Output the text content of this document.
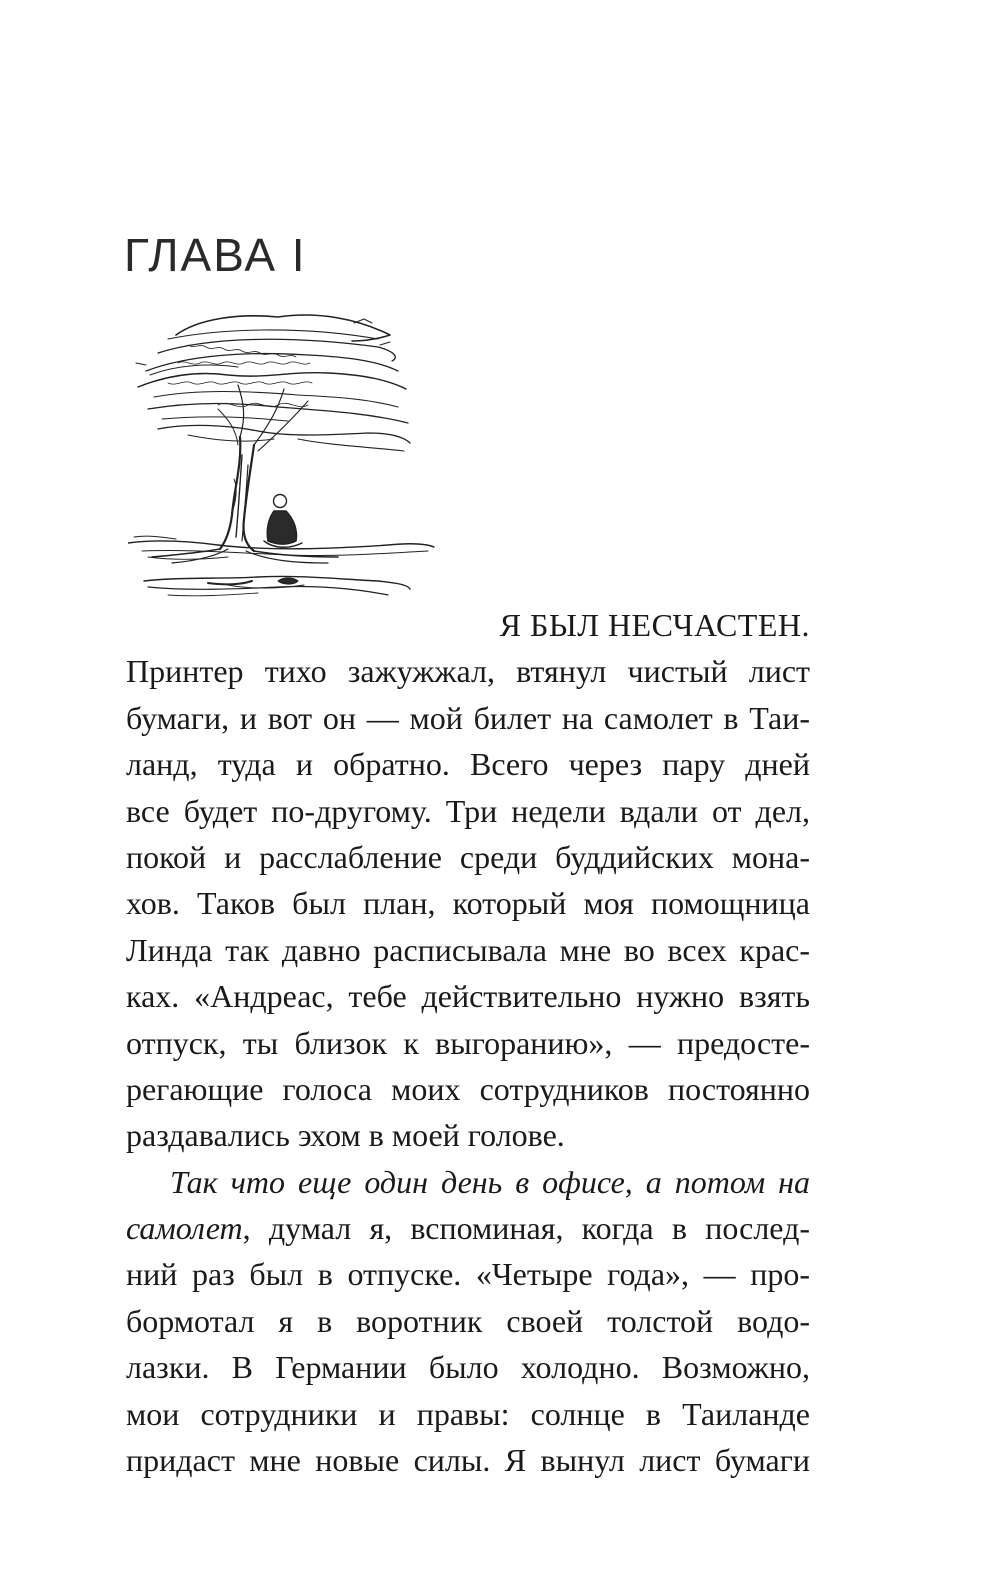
ГЛАВА I
Я БЫЛ НЕСЧАСТЕН.
Принтер тихо зажужжал, втянул чистый лист
бумаги, и вот он — мой билет на самолет в Таи-
ланд, туда и обратно. Всего через пару дней
все будет по-другому. Три недели вдали от дел,
покой и расслабление среди буддийских мона-
хов. Таков был план, который моя помощница
Линда так давно расписывала мне во всех крас-
ках. «Андреас, тебе действительно нужно взять
отпуск, ты близок к выгоранию», — предосте-
регающие голоса моих сотрудников постоянно
раздавались эхом в моей голове.
Так что еще один день в офисе, а потом на
самолет, думал я, вспоминая, когда в послед-
ний раз был в отпуске. «Четыре года», — про-
бормотал я в воротник своей толстой водо-
лазки. В Германии было холодно. Возможно,
мои сотрудники и правы: солнце в Таиланде
придаст мне новые силы. Я вынул лист бумаги
